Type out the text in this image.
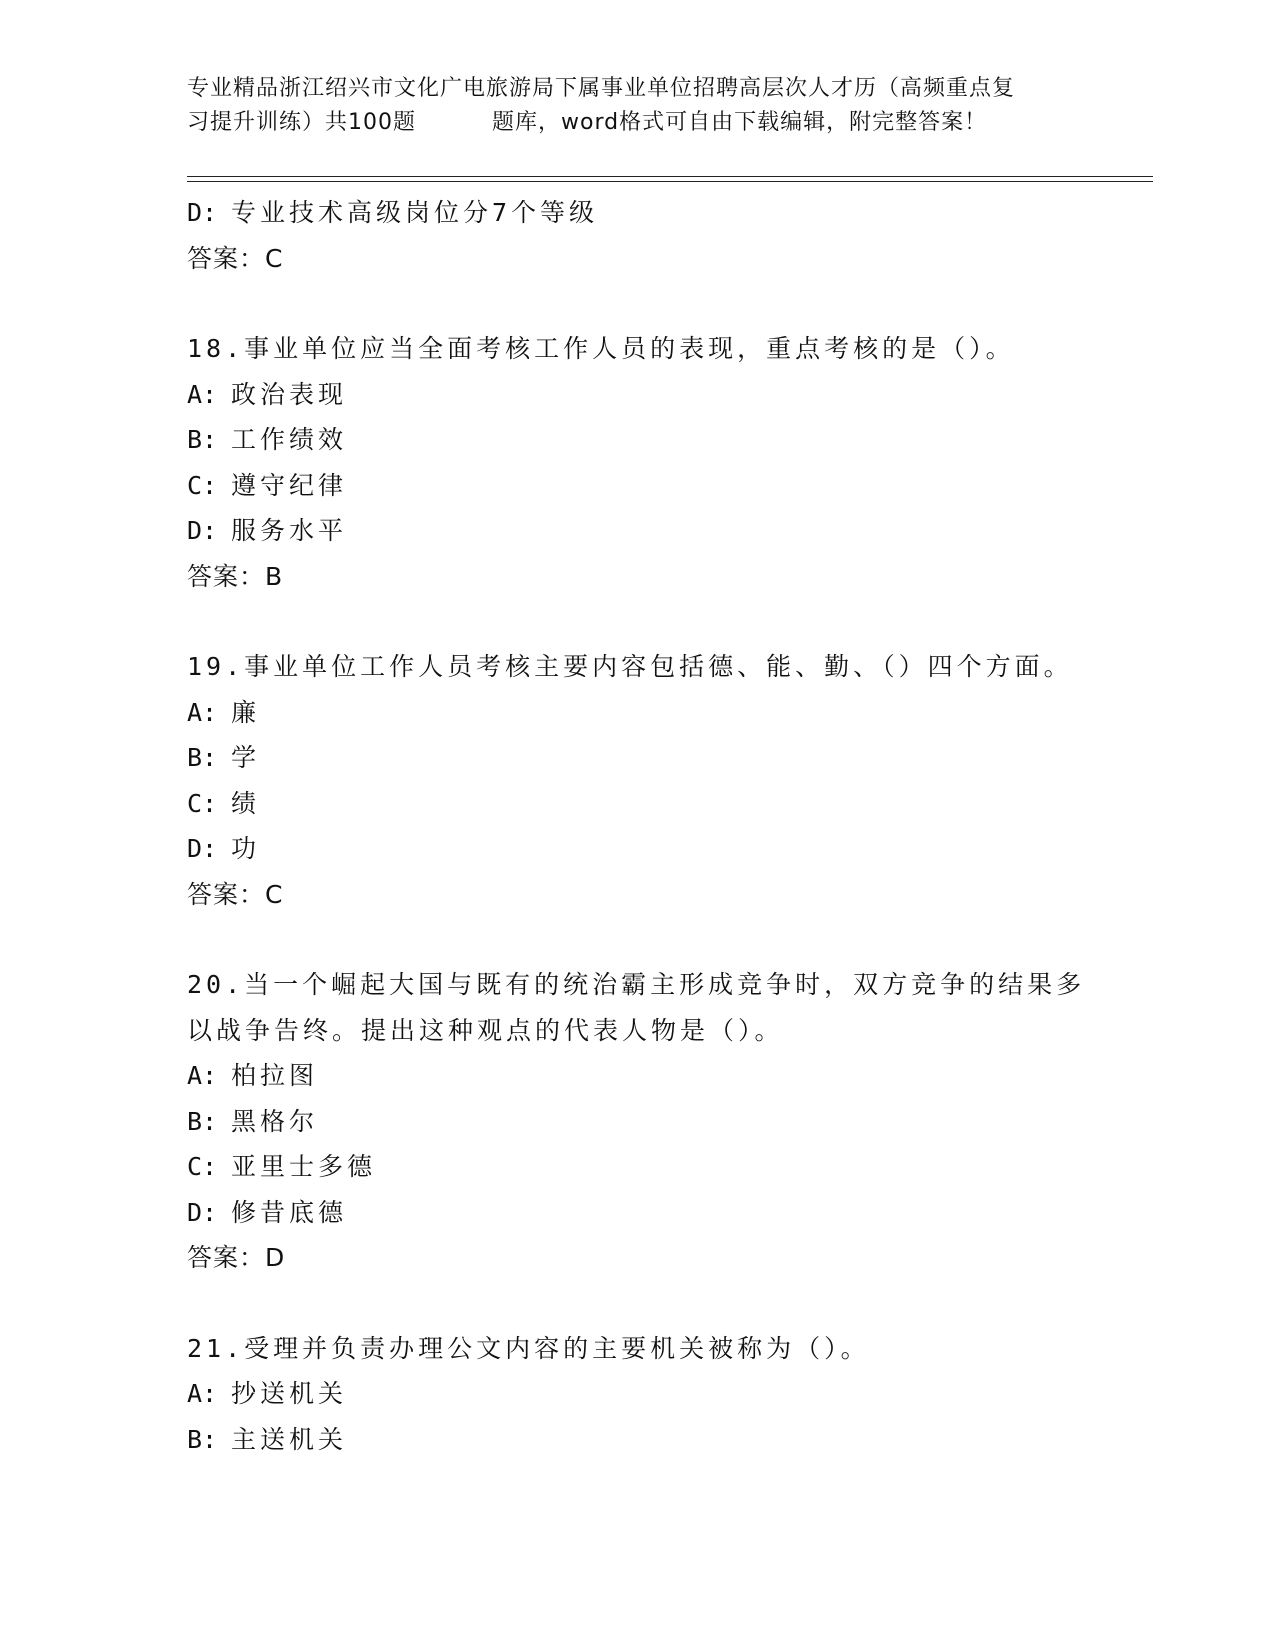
专业精品浙江绍兴市文化广电旅游局下属事业单位招聘高层次人才历（高频重点复
习提升训练）共100题	题库，word格式可自由下载编辑，附完整答案！
D: 专业技术高级岗位分7个等级
答案：C
18.事业单位应当全面考核工作人员的表现，重点考核的是（）。
A: 政治表现
B: 工作绩效
C: 遵守纪律
D: 服务水平
答案：B
19.事业单位工作人员考核主要内容包括德、能、勤、（）四个方面。
A: 廉
B: 学
C: 绩
D: 功
答案：C
20.当一个崛起大国与既有的统治霸主形成竞争时，双方竞争的结果多
以战争告终。提出这种观点的代表人物是（）。
A: 柏拉图
B: 黑格尔
C: 亚里士多德
D: 修昔底德
答案：D
21.受理并负责办理公文内容的主要机关被称为（）。
A: 抄送机关
B: 主送机关
